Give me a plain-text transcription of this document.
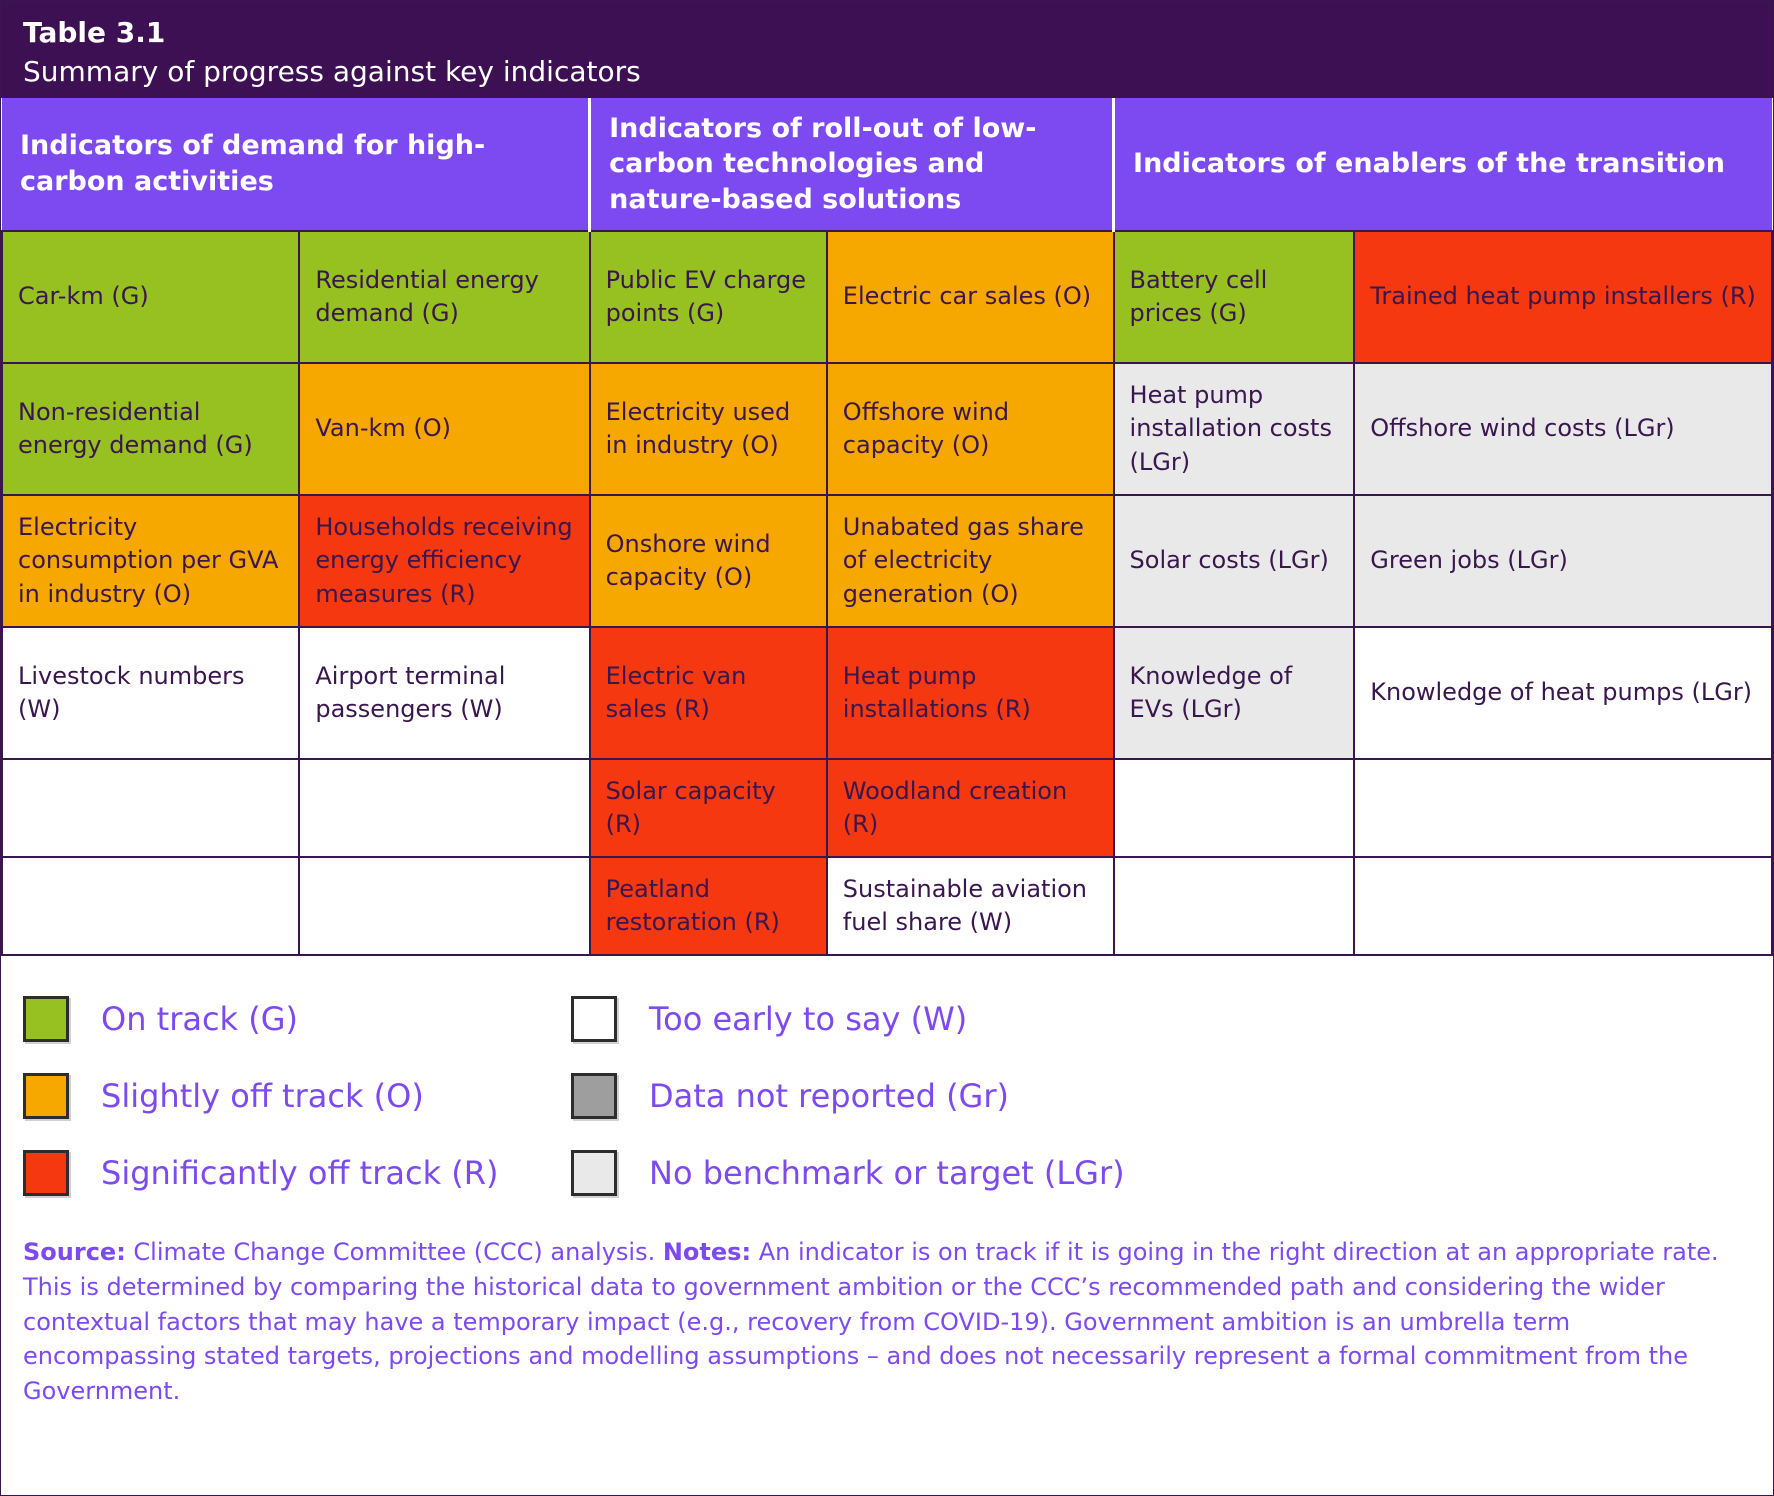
Table 3.1
Summary of progress against key indicators
Indicators of demand for high-carbon activities		Indicators of roll-out of low-carbon technologies and nature-based solutions		Indicators of enablers of the transition	
Car-km (G)	Residential energy demand (G)	Public EV charge points (G)	Electric car sales (O)	Battery cell prices (G)	Trained heat pump installers (R)
Non-residential energy demand (G)	Van-km (O)	Electricity used in industry (O)	Offshore wind capacity (O)	Heat pump installation costs (LGr)	Offshore wind costs (LGr)
Electricity consumption per GVA in industry (O)	Households receiving energy efficiency measures (R)	Onshore wind capacity (O)	Unabated gas share of electricity generation (O)	Solar costs (LGr)	Green jobs (LGr)
Livestock numbers (W)	Airport terminal passengers (W)	Electric van sales (R)	Heat pump installations (R)	Knowledge of EVs (LGr)	Knowledge of heat pumps (LGr)
		Solar capacity (R)	Woodland creation (R)		
		Peatland restoration (R)	Sustainable aviation fuel share (W)		
On track (G)	Too early to say (W)
Slightly off track (O)	Data not reported (Gr)
Significantly off track (R)	No benchmark or target (LGr)

Source: Climate Change Committee (CCC) analysis. Notes: An indicator is on track if it is going in the right direction at an appropriate rate. This is determined by comparing the historical data to government ambition or the CCC’s recommended path and considering the wider contextual factors that may have a temporary impact (e.g., recovery from COVID-19). Government ambition is an umbrella term encompassing stated targets, projections and modelling assumptions – and does not necessarily represent a formal commitment from the Government.
